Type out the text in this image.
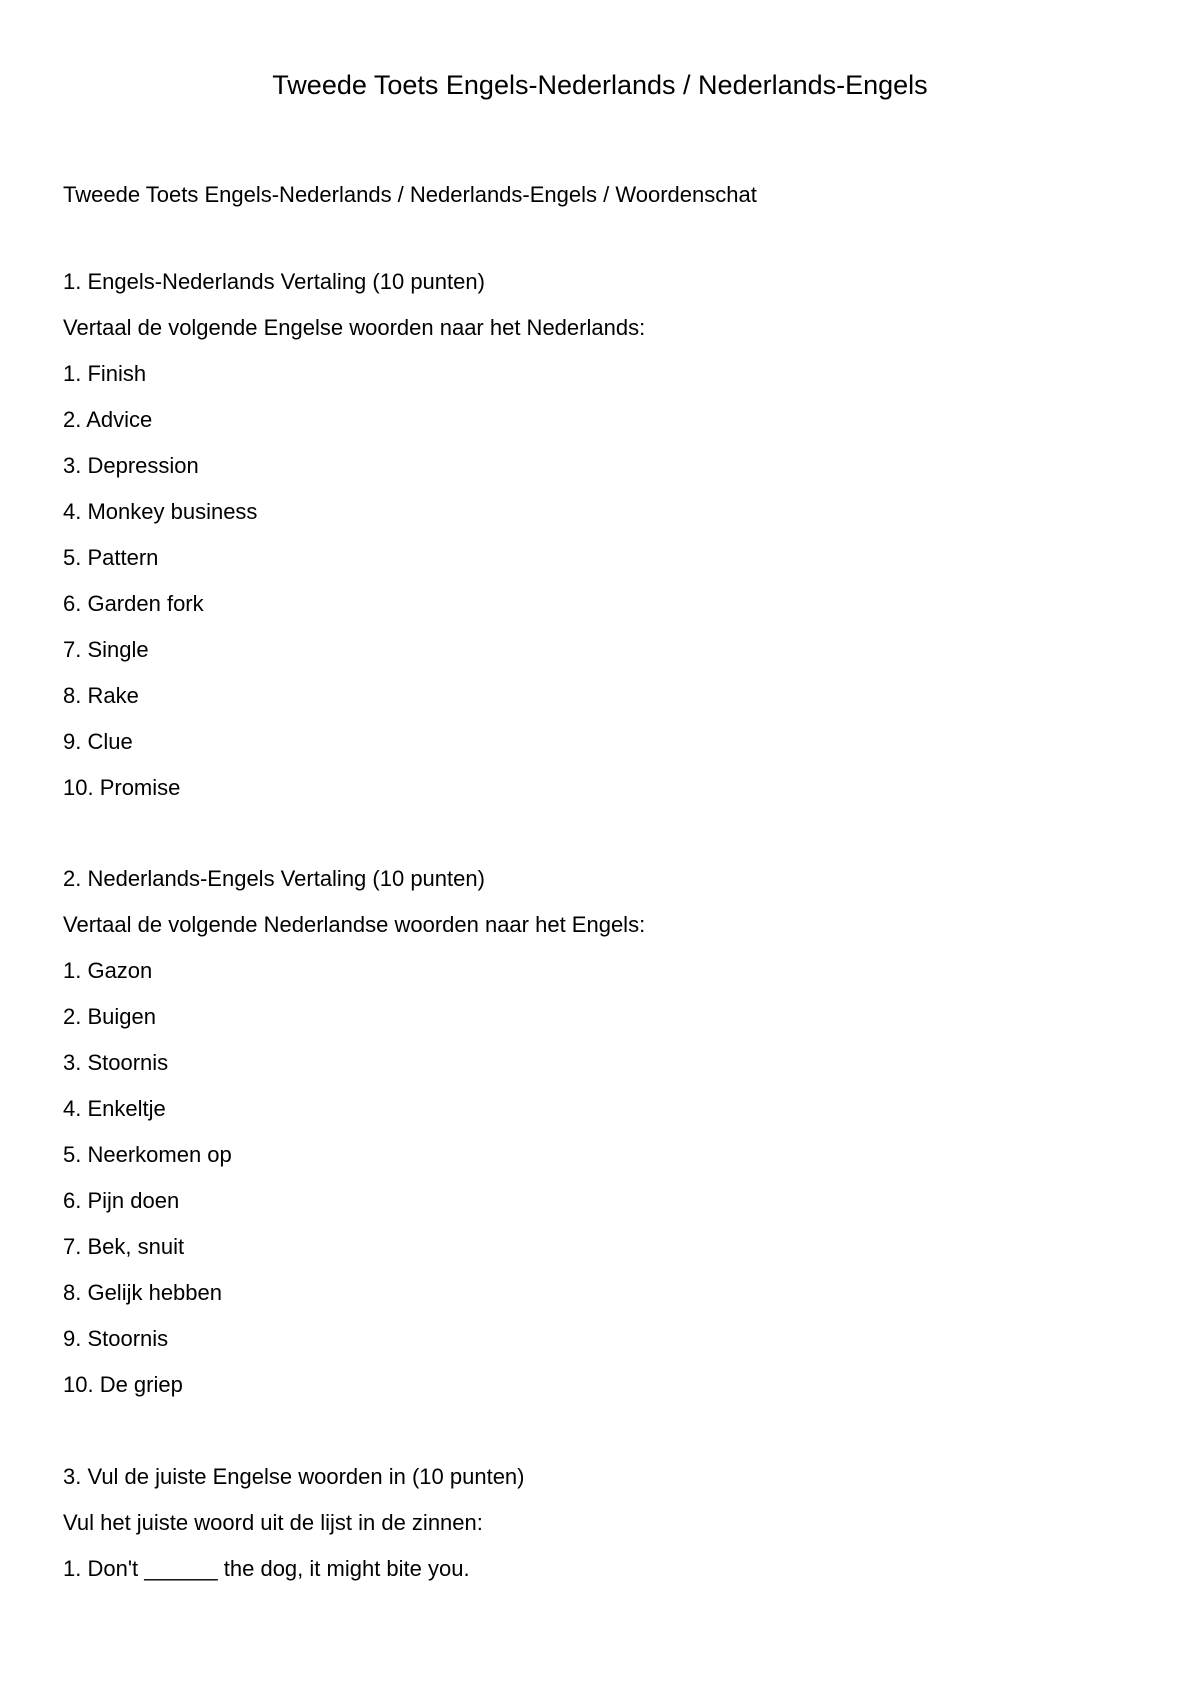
Tweede Toets Engels-Nederlands / Nederlands-Engels
Tweede Toets Engels-Nederlands / Nederlands-Engels / Woordenschat
1. Engels-Nederlands Vertaling (10 punten)
Vertaal de volgende Engelse woorden naar het Nederlands:
1. Finish
2. Advice
3. Depression
4. Monkey business
5. Pattern
6. Garden fork
7. Single
8. Rake
9. Clue
10. Promise
2. Nederlands-Engels Vertaling (10 punten)
Vertaal de volgende Nederlandse woorden naar het Engels:
1. Gazon
2. Buigen
3. Stoornis
4. Enkeltje
5. Neerkomen op
6. Pijn doen
7. Bek, snuit
8. Gelijk hebben
9. Stoornis
10. De griep
3. Vul de juiste Engelse woorden in (10 punten)
Vul het juiste woord uit de lijst in de zinnen:
1. Don't ______ the dog, it might bite you.
